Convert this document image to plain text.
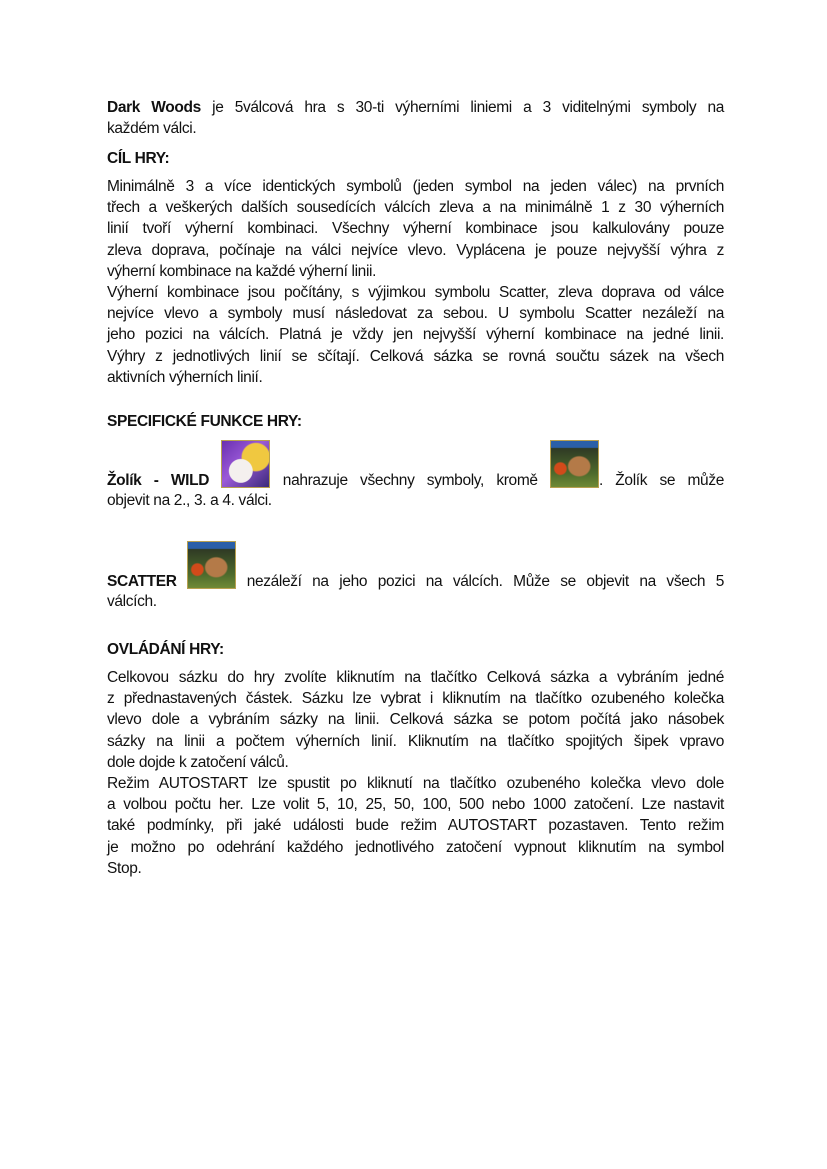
Dark Woods je 5válcová hra s 30-ti výherními liniemi a 3 viditelnými symboly na
každém válci.
CÍL HRY:
Minimálně 3 a více identických symbolů (jeden symbol na jeden válec) na prvních
třech a veškerých dalších sousedících válcích zleva a na minimálně 1 z 30 výherních
linií tvoří výherní kombinaci. Všechny výherní kombinace jsou kalkulovány pouze
zleva doprava, počínaje na válci nejvíce vlevo. Vyplácena je pouze nejvyšší výhra z
výherní kombinace na každé výherní linii.
Výherní kombinace jsou počítány, s výjimkou symbolu Scatter, zleva doprava od válce
nejvíce vlevo a symboly musí následovat za sebou. U symbolu Scatter nezáleží na
jeho pozici na válcích. Platná je vždy jen nejvyšší výherní kombinace na jedné linii.
Výhry z jednotlivých linií se sčítají. Celková sázka se rovná součtu sázek na všech
aktivních výherních linií.
SPECIFICKÉ FUNKCE HRY:
Žolík - WILD	nahrazuje všechny symboly, kromě	. Žolík se může
objevit na 2., 3. a 4. válci.
SCATTER	nezáleží na jeho pozici na válcích. Může se objevit na všech 5
válcích.
OVLÁDÁNÍ HRY:
Celkovou sázku do hry zvolíte kliknutím na tlačítko Celková sázka a vybráním jedné
z přednastavených částek. Sázku lze vybrat i kliknutím na tlačítko ozubeného kolečka
vlevo dole a vybráním sázky na linii. Celková sázka se potom počítá jako násobek
sázky na linii a počtem výherních linií. Kliknutím na tlačítko spojitých šipek vpravo
dole dojde k zatočení válců.
Režim AUTOSTART lze spustit po kliknutí na tlačítko ozubeného kolečka vlevo dole
a volbou počtu her. Lze volit 5, 10, 25, 50, 100, 500 nebo 1000 zatočení. Lze nastavit
také podmínky, při jaké události bude režim AUTOSTART pozastaven. Tento režim
je možno po odehrání každého jednotlivého zatočení vypnout kliknutím na symbol
Stop.
